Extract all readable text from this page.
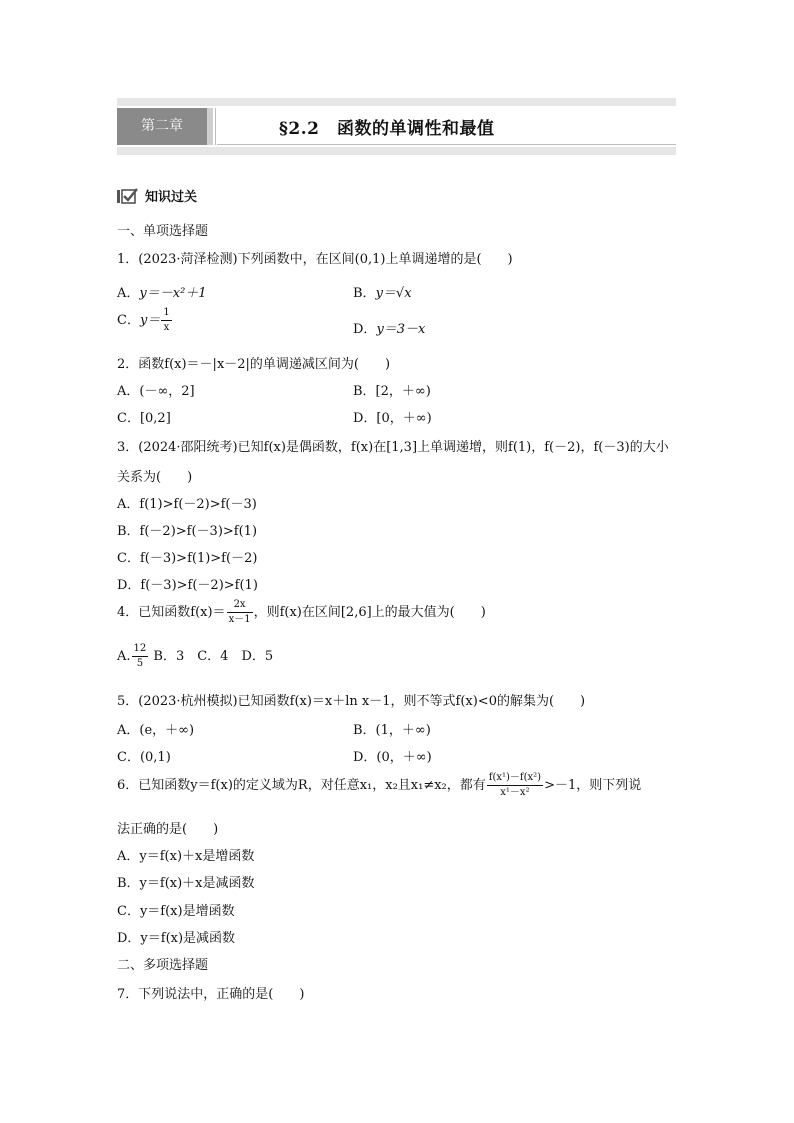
第二章	§2.2　函数的单调性和最值
知识过关
一、单项选择题
1．(2023·菏泽检测)下列函数中，在区间(0,1)上单调递增的是(　　)
A．y＝－x²＋1	B．y＝√x
C．$y= \frac{1}{x}$	D．y＝3－x
2．函数f(x)＝－|x－2|的单调递减区间为(　　)
A．(－∞，2]	B．[2，＋∞)
C．[0,2]	D．[0，＋∞)
3．(2024·邵阳统考)已知f(x)是偶函数，f(x)在[1,3]上单调递增，则f(1)，f(－2)，f(－3)的大小
关系为(　　)
A．f(1)>f(－2)>f(－3)
B．f(－2)>f(－3)>f(1)
C．f(－3)>f(1)>f(－2)
D．f(－3)>f(－2)>f(1)
4．已知函数$f(x)= \frac{2x}{x-1}$ ，则f(x)在区间[2,6]上的最大值为(　　)
A. $\frac{12}{5}$ B．3　C．4　D．5
5．(2023·杭州模拟)已知函数f(x)＝x＋ln x－1，则不等式f(x)<0的解集为(　　)
A．(e，＋∞)	B．(1，＋∞)
C．(0,1)	D．(0，＋∞)
6．已知函数y＝f(x)的定义域为R，对任意x₁，x₂且x₁≠x₂，都有 $\frac{\text{f(x¹)－f(x²)}}{\text{x¹－x²}} >-1$，则下列说
法正确的是(　　)
A．y＝f(x)＋x是增函数
B．y＝f(x)＋x是减函数
C．y＝f(x)是增函数
D．y＝f(x)是减函数
二、多项选择题
7．下列说法中，正确的是(　　)
